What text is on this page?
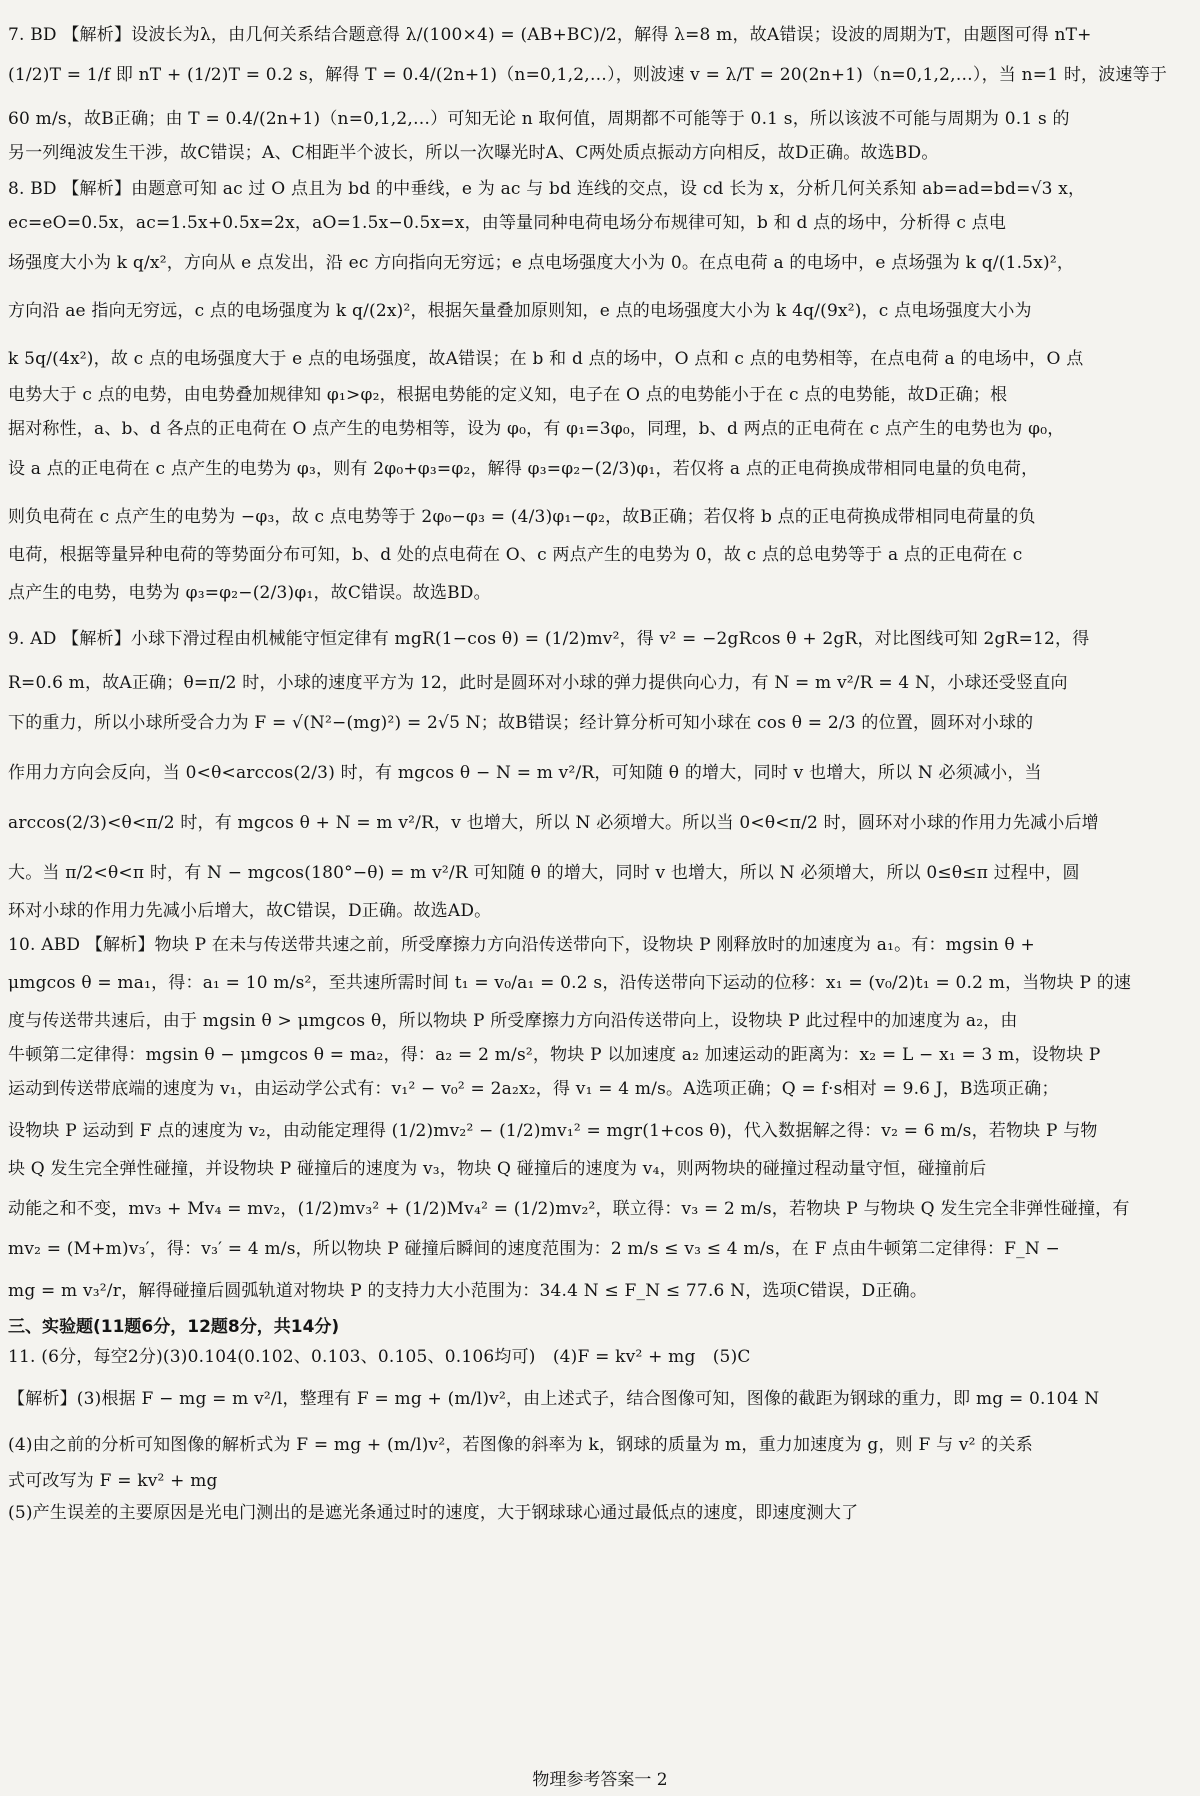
7. BD 【解析】设波长为λ，由几何关系结合题意得 λ/(100×4) = (AB+BC)/2，解得 λ=8 m，故A错误；设波的周期为T，由题图可得 nT+
(1/2)T = 1/f 即 nT + (1/2)T = 0.2 s，解得 T = 0.4/(2n+1)（n=0,1,2,…），则波速 v = λ/T = 20(2n+1)（n=0,1,2,…），当 n=1 时，波速等于
60 m/s，故B正确；由 T = 0.4/(2n+1)（n=0,1,2,…）可知无论 n 取何值，周期都不可能等于 0.1 s，所以该波不可能与周期为 0.1 s 的
另一列绳波发生干涉，故C错误；A、C相距半个波长，所以一次曝光时A、C两处质点振动方向相反，故D正确。故选BD。
8. BD 【解析】由题意可知 ac 过 O 点且为 bd 的中垂线，e 为 ac 与 bd 连线的交点，设 cd 长为 x，分析几何关系知 ab=ad=bd=√3 x，
ec=eO=0.5x，ac=1.5x+0.5x=2x，aO=1.5x−0.5x=x，由等量同种电荷电场分布规律可知，b 和 d 点的场中，分析得 c 点电
场强度大小为 k q/x²，方向从 e 点发出，沿 ec 方向指向无穷远；e 点电场强度大小为 0。在点电荷 a 的电场中，e 点场强为 k q/(1.5x)²，
方向沿 ae 指向无穷远，c 点的电场强度为 k q/(2x)²，根据矢量叠加原则知，e 点的电场强度大小为 k 4q/(9x²)，c 点电场强度大小为
k 5q/(4x²)，故 c 点的电场强度大于 e 点的电场强度，故A错误；在 b 和 d 点的场中，O 点和 c 点的电势相等，在点电荷 a 的电场中，O 点
电势大于 c 点的电势，由电势叠加规律知 φ₁>φ₂，根据电势能的定义知，电子在 O 点的电势能小于在 c 点的电势能，故D正确；根
据对称性，a、b、d 各点的正电荷在 O 点产生的电势相等，设为 φ₀，有 φ₁=3φ₀，同理，b、d 两点的正电荷在 c 点产生的电势也为 φ₀，
设 a 点的正电荷在 c 点产生的电势为 φ₃，则有 2φ₀+φ₃=φ₂，解得 φ₃=φ₂−(2/3)φ₁，若仅将 a 点的正电荷换成带相同电量的负电荷，
则负电荷在 c 点产生的电势为 −φ₃，故 c 点电势等于 2φ₀−φ₃ = (4/3)φ₁−φ₂，故B正确；若仅将 b 点的正电荷换成带相同电荷量的负
电荷，根据等量异种电荷的等势面分布可知，b、d 处的点电荷在 O、c 两点产生的电势为 0，故 c 点的总电势等于 a 点的正电荷在 c
点产生的电势，电势为 φ₃=φ₂−(2/3)φ₁，故C错误。故选BD。
9. AD 【解析】小球下滑过程由机械能守恒定律有 mgR(1−cos θ) = (1/2)mv²，得 v² = −2gRcos θ + 2gR，对比图线可知 2gR=12，得
R=0.6 m，故A正确；θ=π/2 时，小球的速度平方为 12，此时是圆环对小球的弹力提供向心力，有 N = m v²/R = 4 N，小球还受竖直向
下的重力，所以小球所受合力为 F = √(N²−(mg)²) = 2√5 N；故B错误；经计算分析可知小球在 cos θ = 2/3 的位置，圆环对小球的
作用力方向会反向，当 0<θ<arccos(2/3) 时，有 mgcos θ − N = m v²/R，可知随 θ 的增大，同时 v 也增大，所以 N 必须减小，当
arccos(2/3)<θ<π/2 时，有 mgcos θ + N = m v²/R，v 也增大，所以 N 必须增大。所以当 0<θ<π/2 时，圆环对小球的作用力先减小后增
大。当 π/2<θ<π 时，有 N − mgcos(180°−θ) = m v²/R 可知随 θ 的增大，同时 v 也增大，所以 N 必须增大，所以 0≤θ≤π 过程中，圆
环对小球的作用力先减小后增大，故C错误，D正确。故选AD。
10. ABD 【解析】物块 P 在未与传送带共速之前，所受摩擦力方向沿传送带向下，设物块 P 刚释放时的加速度为 a₁。有：mgsin θ +
μmgcos θ = ma₁，得：a₁ = 10 m/s²，至共速所需时间 t₁ = v₀/a₁ = 0.2 s，沿传送带向下运动的位移：x₁ = (v₀/2)t₁ = 0.2 m，当物块 P 的速
度与传送带共速后，由于 mgsin θ > μmgcos θ，所以物块 P 所受摩擦力方向沿传送带向上，设物块 P 此过程中的加速度为 a₂，由
牛顿第二定律得：mgsin θ − μmgcos θ = ma₂，得：a₂ = 2 m/s²，物块 P 以加速度 a₂ 加速运动的距离为：x₂ = L − x₁ = 3 m，设物块 P
运动到传送带底端的速度为 v₁，由运动学公式有：v₁² − v₀² = 2a₂x₂，得 v₁ = 4 m/s。A选项正确；Q = f·s相对 = 9.6 J，B选项正确；
设物块 P 运动到 F 点的速度为 v₂，由动能定理得 (1/2)mv₂² − (1/2)mv₁² = mgr(1+cos θ)，代入数据解之得：v₂ = 6 m/s，若物块 P 与物
块 Q 发生完全弹性碰撞，并设物块 P 碰撞后的速度为 v₃，物块 Q 碰撞后的速度为 v₄，则两物块的碰撞过程动量守恒，碰撞前后
动能之和不变，mv₃ + Mv₄ = mv₂，(1/2)mv₃² + (1/2)Mv₄² = (1/2)mv₂²，联立得：v₃ = 2 m/s，若物块 P 与物块 Q 发生完全非弹性碰撞，有
mv₂ = (M+m)v₃′，得：v₃′ = 4 m/s，所以物块 P 碰撞后瞬间的速度范围为：2 m/s ≤ v₃ ≤ 4 m/s，在 F 点由牛顿第二定律得：F_N −
mg = m v₃²/r，解得碰撞后圆弧轨道对物块 P 的支持力大小范围为：34.4 N ≤ F_N ≤ 77.6 N，选项C错误，D正确。
三、实验题(11题6分，12题8分，共14分)
11. (6分，每空2分)(3)0.104(0.102、0.103、0.105、0.106均可)　(4)F = kv² + mg　(5)C
【解析】(3)根据 F − mg = m v²/l，整理有 F = mg + (m/l)v²，由上述式子，结合图像可知，图像的截距为钢球的重力，即 mg = 0.104 N
(4)由之前的分析可知图像的解析式为 F = mg + (m/l)v²，若图像的斜率为 k，钢球的质量为 m，重力加速度为 g，则 F 与 v² 的关系
式可改写为 F = kv² + mg
(5)产生误差的主要原因是光电门测出的是遮光条通过时的速度，大于钢球球心通过最低点的速度，即速度测大了
物理参考答案一 2
